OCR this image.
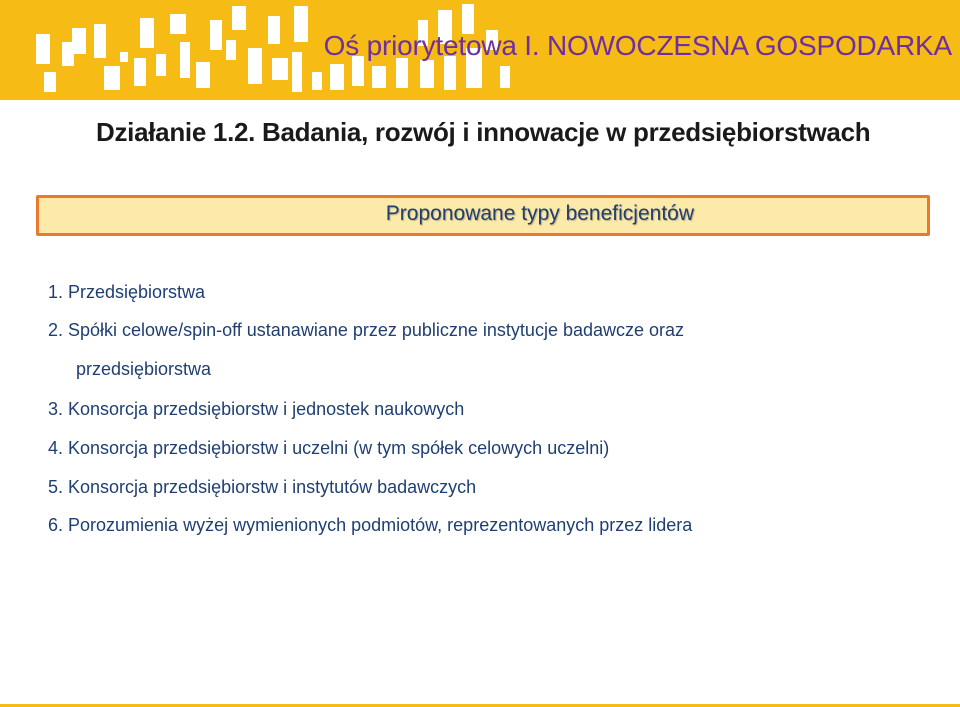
Oś priorytetowa I. NOWOCZESNA GOSPODARKA
Działanie 1.2. Badania, rozwój i innowacje w przedsiębiorstwach
Proponowane typy beneficjentów
1. Przedsiębiorstwa
2. Spółki celowe/spin-off ustanawiane przez publiczne instytucje badawcze oraz
przedsiębiorstwa
3. Konsorcja przedsiębiorstw i jednostek naukowych
4. Konsorcja przedsiębiorstw i uczelni (w tym spółek celowych uczelni)
5. Konsorcja przedsiębiorstw i instytutów badawczych
6. Porozumienia wyżej wymienionych podmiotów, reprezentowanych przez lidera
